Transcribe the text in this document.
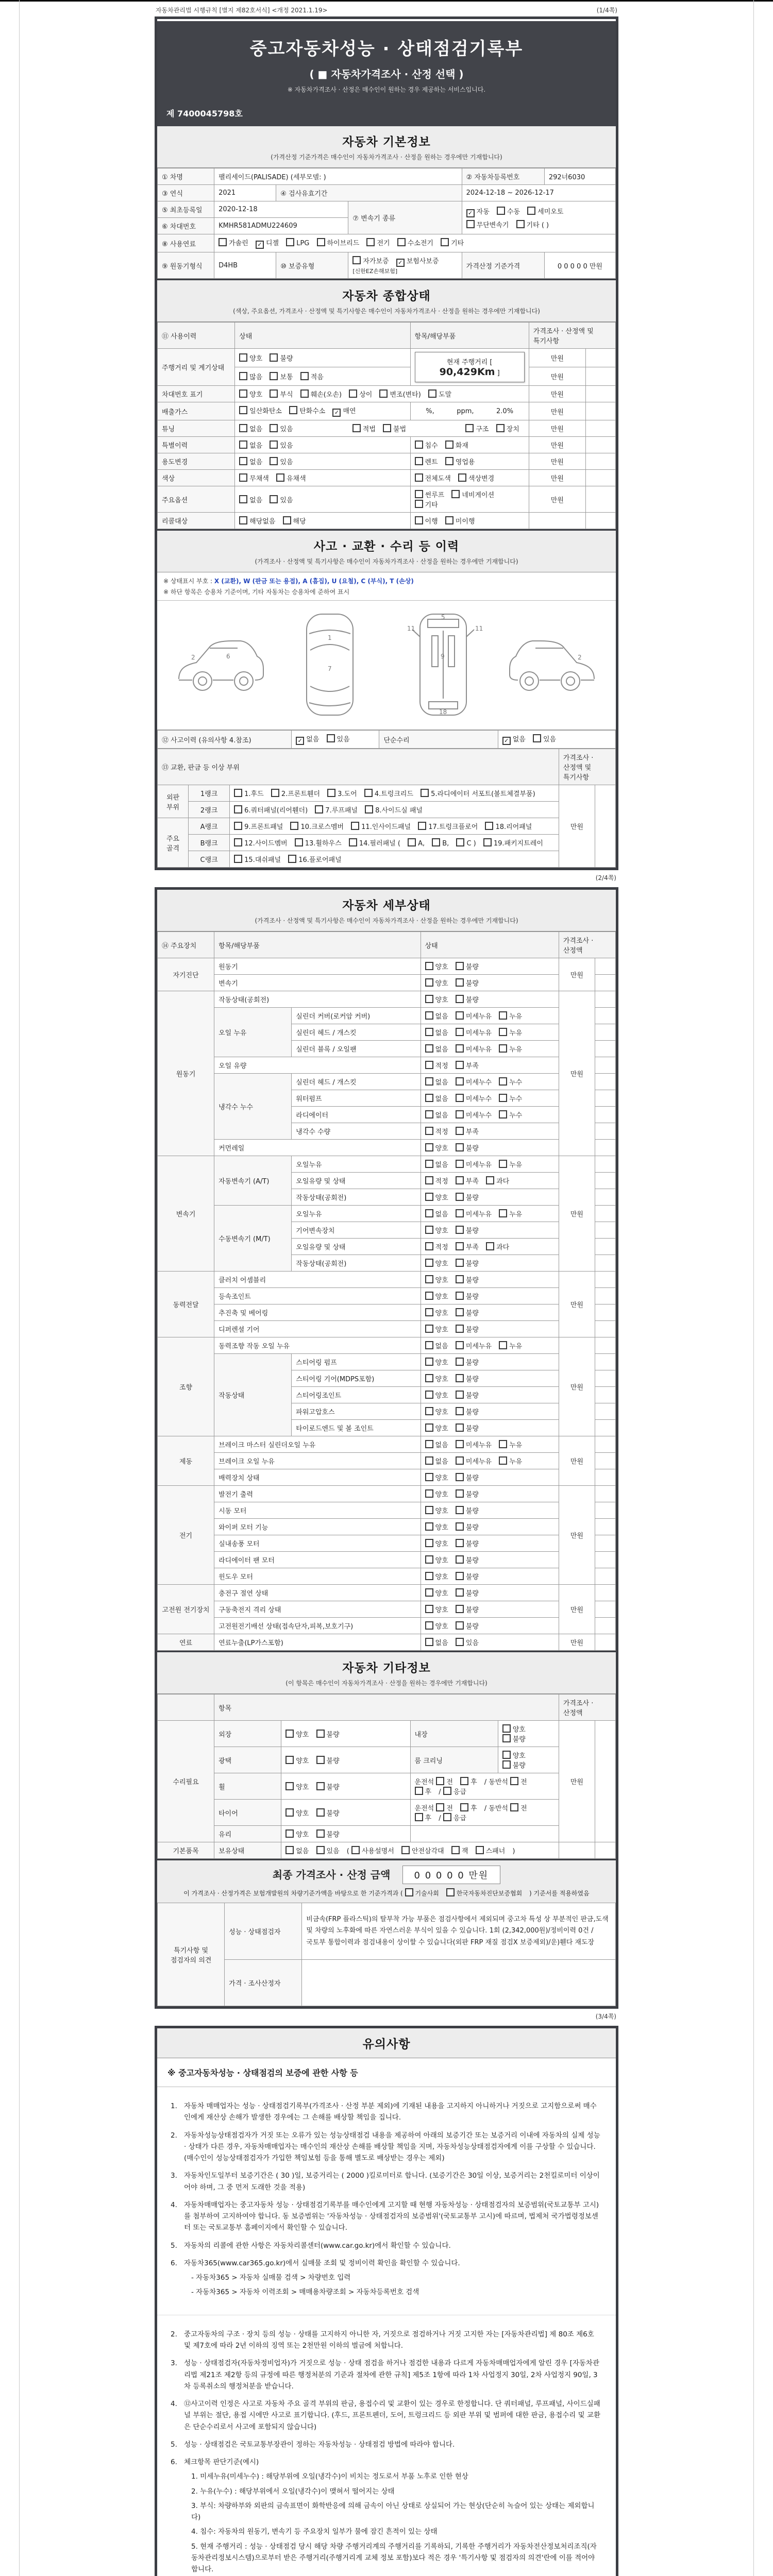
자동차관리법 시행규칙 [별지 제82호서식] <개정 2021.1.19>	(1/4쪽)
중고자동차성능 · 상태점검기록부
( ■ 자동차가격조사 · 산정 선택 )
※ 자동차가격조사 · 산정은 매수인이 원하는 경우 제공하는 서비스입니다.
제 7400045798호
자동차 기본정보
(가격산정 기준가격은 매수인이 자동차가격조사 · 산정을 원하는 경우에만 기재합니다)
① 차명	팰리세이드(PALISADE) (세부모델: )			② 자동차등록번호	292너6030
③ 연식	2021	④ 검사유효기간		2024-12-18 ~ 2026-12-17	
⑤ 최초등록일	2020-12-18		⑦ 변속기 종류	✓ 자동 수동 세미오토
무단변속기 기타 ( )	

⑥ 차대번호	KMHR581ADMU224609				
⑧ 사용연료	가솔린 ✓ 디젤 LPG 하이브리드 전기 수소전기 기타				
⑨ 원동기형식	D4HB	⑩ 보증유형	자가보증 ✓ 보험사보증 [신한EZ손해보험]	가격산정 기준가격	0 0 0 0 0 만원
자동차 종합상태
(색상, 주요옵션, 가격조사 · 산정액 및 특기사항은 매수인이 자동차가격조사 · 산정을 원하는 경우에만 기재합니다)
⑪ 사용이력	상태	항목/해당부품	가격조사 · 산정액 및 특기사항	
주행거리 및 계기상태	양호 불량	현재 주행거리 [ 90,429Km ]	만원	
	많음 보통 적음		만원	
차대번호 표기	양호 부식 훼손(오손) 상이 변조(변타) 도말		만원	
배출가스	일산화탄소 탄화수소 ✓ 매연	%, ppm, 2.0%	만원	
튜닝	없음 있음 적법 불법 구조 장치		만원	
특별이력	없음 있음	침수 화재	만원	
용도변경	없음 있음	렌트 영업용	만원	
색상	무채색 유채색	전체도색 색상변경	만원	
주요옵션	없음 있음	썬루프 네비게이션 기타	만원	
리콜대상	해당없음 해당	이행 미이행		
사고 · 교환 · 수리 등 이력
(가격조사 · 산정액 및 특기사항은 매수인이 자동차가격조사 · 산정을 원하는 경우에만 기재합니다)
※ 상태표시 부호 : X (교환), W (판금 또는 용접), A (흠집), U (요철), C (부식), T (손상)
※ 하단 항목은 승용차 기준이며, 기타 자동차는 승용차에 준하여 표시
2	6
1
7
5
11	11
9
18
2
⑫ 사고이력 (유의사항 4.참조)	✓ 없음	있음	단순수리	✓ 없음	있음
⑬ 교환, 판금 등 이상 부위			가격조사 · 산정액 및 특기사항	
외판 부위	1랭크	1.후드 2.프론트휀더 3.도어 4.트렁크리드 5.라디에이터 서포트(볼트체결부품)	만원	
	2랭크	6.쿼터패널(리어휀더) 7.루프패널 8.사이드실 패널		
주요 골격	A랭크	9.프론트패널 10.크로스멤버 11.인사이드패널 17.트렁크플로어 18.리어패널		
	B랭크	12.사이드멤버 13.휠하우스 14.필러패널 ( A, B, C ) 19.패키지트레이		
	C랭크	15.대쉬패널 16.플로어패널		
(2/4쪽)
자동차 세부상태
(가격조사 · 산정액 및 특기사항은 매수인이 자동차가격조사 · 산정을 원하는 경우에만 기재합니다)
⑭ 주요장치	항목/해당부품		상태	가격조사 · 산정액	
자기진단	원동기		양호 불량	만원	
	변속기		양호 불량		
원동기	작동상태(공회전)		양호 불량	만원	
	오일 누유	실린더 커버(로커암 커버)	없음 미세누유 누유		
		실린더 헤드 / 개스킷	없음 미세누유 누유		
		실린더 블록 / 오일팬	없음 미세누유 누유		
	오일 유량		적정 부족		
	냉각수 누수	실린더 헤드 / 개스킷	없음 미세누수 누수		
		워터펌프	없음 미세누수 누수		
		라디에이터	없음 미세누수 누수		
		냉각수 수량	적정 부족		
	커먼레일		양호 불량		
변속기	자동변속기 (A/T)	오일누유	없음 미세누유 누유	만원	
		오일유량 및 상태	적정 부족 과다		
		작동상태(공회전)	양호 불량		
	수동변속기 (M/T)	오일누유	없음 미세누유 누유		
		기어변속장치	양호 불량		
		오일유량 및 상태	적정 부족 과다		
		작동상태(공회전)	양호 불량		
동력전달	클러치 어셈블리		양호 불량	만원	
	등속조인트		양호 불량		
	추진축 및 베어링		양호 불량		
	디퍼렌셜 기어		양호 불량		
조향	동력조향 작동 오일 누유		없음 미세누유 누유	만원	
	작동상태	스티어링 펌프	양호 불량		
		스티어링 기어(MDPS포함)	양호 불량		
		스티어링조인트	양호 불량		
		파워고압호스	양호 불량		
		타이로드엔드 및 볼 조인트	양호 불량		
제동	브레이크 마스터 실린더오일 누유		없음 미세누유 누유	만원	
	브레이크 오일 누유		없음 미세누유 누유		
	배력장치 상태		양호 불량		
전기	발전기 출력		양호 불량	만원	
	시동 모터		양호 불량		
	와이퍼 모터 기능		양호 불량		
	실내송풍 모터		양호 불량		
	라디에이터 팬 모터		양호 불량		
	윈도우 모터		양호 불량		
고전원 전기장치	충전구 절연 상태		양호 불량	만원	
	구동축전지 격리 상태		양호 불량		
	고전원전기배선 상태(접속단자,피복,보호기구)		양호 불량		
연료	연료누출(LP가스포함)		없음 있음	만원	
자동차 기타정보
(이 항목은 매수인이 자동차가격조사 · 산정을 원하는 경우에만 기재합니다)
	항목				가격조사 · 산정액	
수리필요	외장	양호 불량	내장	양호 불량	만원	
	광택	양호 불량	룸 크리닝	양호 불량		
	휠	양호 불량	운전석 전 후 / 동반석 전 후 / 응급			
	타이어	양호 불량	운전석 전 후 / 동반석 전 후 / 응급			
	유리	양호 불량				
기본품목	보유상태	없음 있음 ( 사용설명서 안전삼각대 잭 스패너 )				
최종 가격조사 · 산정 금액	0 0 0 0 0 만원
이 가격조사 · 산정가격은 보험개발원의 차량기준가액을 바탕으로 한 기준가격과 ( 기술사회	한국자동차진단보증협회 ) 기준서를 적용하였음
특기사항 및 점검자의 의견	성능 · 상태점검자	비금속(FRP 플라스틱)의 탈부착 가능 부품은 점검사항에서 제외되며 중고차 특성 상 부분적인 판금,도색 및 차량의 노후화에 따른 자연스러운 부식이 있을 수 있습니다. 1회 (2,342,000원)/정비이력 0건 /국토부 통합이력과 점검내용이 상이할 수 있습니다(외판 FRP 재질 점검X 보증제외)/운)휀다 재도장
	가격 · 조사산정자	
(3/4쪽)
유의사항
※ 중고자동차성능 · 상태점검의 보증에 관한 사항 등
1. 자동차 매매업자는 성능 · 상태점검기록부(가격조사 · 산정 부분 제외)에 기재된 내용을 고지하지 아니하거나 거짓으로 고지함으로써 매수인에게 재산상 손해가 발생한 경우에는 그 손해를 배상할 책임을 집니다.
2. 자동차성능상태점검자가 거짓 또는 오류가 있는 성능상태점검 내용을 제공하여 아래의 보증기간 또는 보증거리 이내에 자동차의 실제 성능 · 상태가 다른 경우, 자동차매매업자는 매수인의 재산상 손해를 배상할 책임을 지며, 자동차성능상태점검자에게 이를 구상할 수 있습니다.(매수인이 성능상태점검자가 가입한 책임보험 등을 통해 별도로 배상받는 경우는 제외)
3. 자동차인도일부터 보증기간은 ( 30 )일, 보증거리는 ( 2000 )킬로미터로 합니다. (보증기간은 30일 이상, 보증거리는 2천킬로미터 이상이어야 하며, 그 중 먼저 도래한 것을 적용)
4. 자동차매매업자는 중고자동차 성능 · 상태점검기록부를 매수인에게 고지할 때 현행 자동차성능 · 상태점검자의 보증범위(국토교통부 고시)를 첨부하여 고지하여야 합니다. 동 보증범위는 '자동차성능 · 상태점검자의 보증범위'(국토교통부 고시)에 따르며, 법제처 국가법령정보센터 또는 국토교통부 홈페이지에서 확인할 수 있습니다.
5. 자동차의 리콜에 관한 사항은 자동차리콜센터(www.car.go.kr)에서 확인할 수 있습니다.
6. 자동차365(www.car365.go.kr)에서 실매물 조회 및 정비이력 확인을 확인할 수 있습니다.
- 자동차365 > 자동차 실매물 검색 > 차량번호 입력
- 자동차365 > 자동차 이력조회 > 매매용차량조회 > 자동차등록번호 검색
2. 중고자동차의 구조 · 장치 등의 성능 · 상태를 고지하지 아니한 자, 거짓으로 점검하거나 거짓 고지한 자는 [자동차관리법] 제 80조 제6호 및 제7호에 따라 2년 이하의 징역 또는 2천만원 이하의 벌금에 처합니다.
3. 성능 · 상태점검자(자동차정비업자)가 거짓으로 성능 · 상태 점검을 하거나 점검한 내용과 다르게 자동차매매업자에게 알린 경우 [자동차관리법 제21조 제2항 등의 규정에 따른 행정처분의 기준과 절차에 관한 규칙] 제5조 1항에 따라 1차 사업정지 30일, 2차 사업정지 90일, 3차 등록취소의 행정처분을 받습니다.
4. ⑫사고이력 인정은 사고로 자동차 주요 골격 부위의 판금, 용접수리 및 교환이 있는 경우로 한정합니다. 단 쿼터패널, 루프패널, 사이드실패널 부위는 절단, 용접 시에만 사고로 표기합니다. (후드, 프론트펜더, 도어, 트렁크리드 등 외판 부위 및 범퍼에 대한 판금, 용접수리 및 교환은 단순수리로서 사고에 포함되지 않습니다)
5. 성능 · 상태점검은 국토교통부장관이 정하는 자동차성능 · 상태점검 방법에 따라야 합니다.
6. 체크항목 판단기준(예시)
1. 미세누유(미세누수) : 해당부위에 오일(냉각수)이 비치는 정도로서 부품 노후로 인한 현상
2. 누유(누수) : 해당부위에서 오일(냉각수)이 맺혀서 떨어지는 상태
3. 부식: 차량하부와 외판의 금속표면이 화학반응에 의해 금속이 아닌 상태로 상실되어 가는 현상(단순히 녹슬어 있는 상태는 제외합니다)
4. 침수: 자동차의 원동기, 변속기 등 주요장치 일부가 물에 잠긴 흔적이 있는 상태
5. 현재 주행거리 : 성능 · 상태점검 당시 해당 차량 주행거리계의 주행거리를 기록하되, 기록한 주행거리가 자동차전산정보처리조직(자동차관리정보시스템)으로부터 받은 주행거리(주행거리계 교체 정보 포함)보다 적은 경우 '특기사항 및 점검자의 의견'란에 이를 적어야 합니다.
